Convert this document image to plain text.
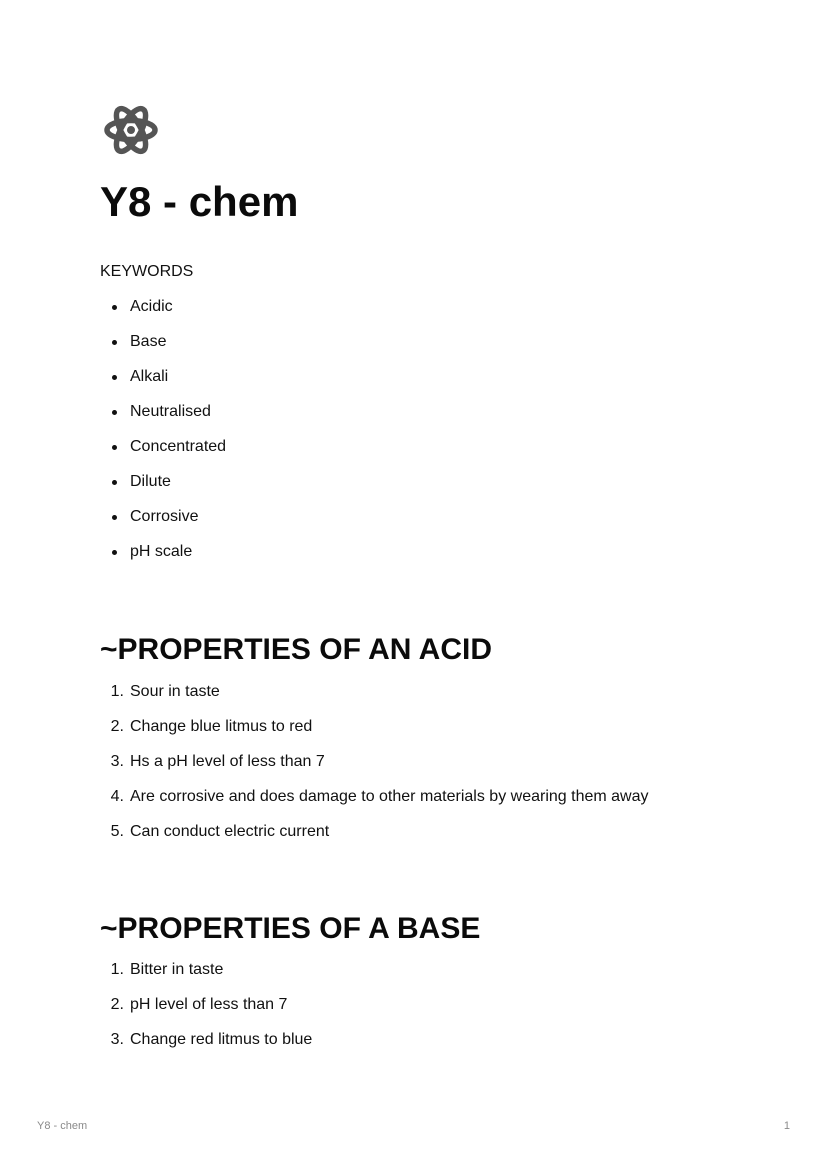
Y8 - chem
KEYWORDS
Acidic
Base
Alkali
Neutralised
Concentrated
Dilute
Corrosive
pH scale
~PROPERTIES OF AN ACID
1. Sour in taste
2. Change blue litmus to red
3. Hs a pH level of less than 7
4. Are corrosive and does damage to other materials by wearing them away
5. Can conduct electric current
~PROPERTIES OF A BASE
1. Bitter in taste
2. pH level of less than 7
3. Change red litmus to blue
Y8 - chem	1
